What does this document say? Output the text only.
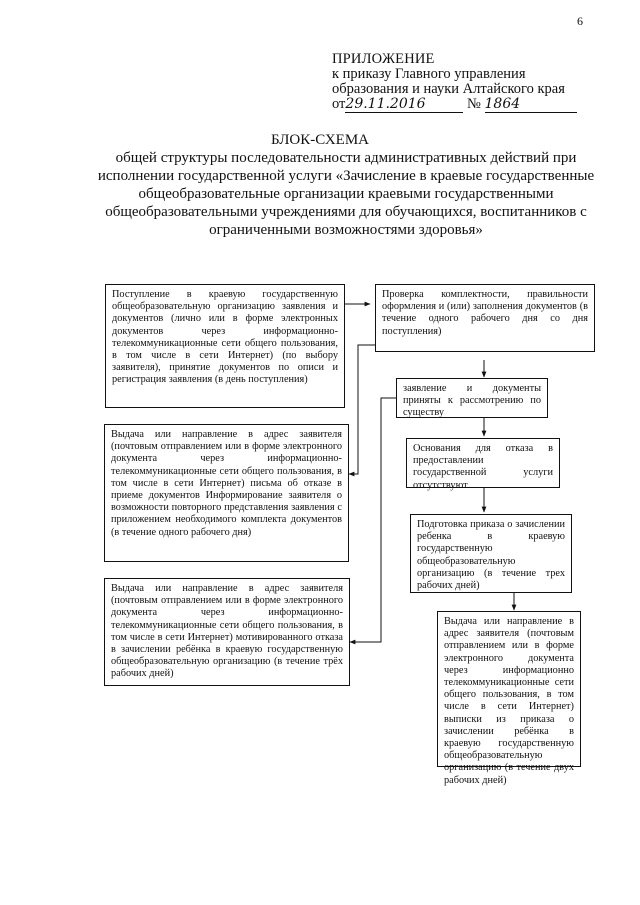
6
ПРИЛОЖЕНИЕ
к приказу Главного управления
образования и науки Алтайского края
от29.11.2016	№ 1864
БЛОК-СХЕМА
общей структуры последовательности административных действий при исполнении государственной услуги «Зачисление в краевые государственные общеобразовательные организации краевыми государственными общеобразовательными учреждениями для обучающихся, воспитанников с ограниченными возможностями здоровья»
Поступление в краевую государственную общеобразовательную организацию заявления и документов (лично или в форме электронных документов через информационно-телекоммуникационные сети общего пользования, в том числе в сети Интернет) (по выбору заявителя), принятие документов по описи и регистрация заявления (в день поступления)
Проверка комплектности, правильности оформления и (или) заполнения документов (в течение одного рабочего дня со дня поступления)
заявление и документы приняты к рассмотрению по существу
Выдача или направление в адрес заявителя (почтовым отправлением или в форме электронного документа через информационно-телекоммуникационные сети общего пользования, в том числе в сети Интернет) письма об отказе в приеме документов Информирование заявителя о возможности повторного представления заявления с приложением необходимого комплекта документов (в течение одного рабочего дня)
Основания для отказа в предоставлении государственной услуги отсутствуют
Подготовка приказа о зачислении ребенка в краевую государственную общеобразовательную организацию (в течение трех рабочих дней)
Выдача или направление в адрес заявителя (почтовым отправлением или в форме электронного документа через информационно-телекоммуникационные сети общего пользования, в том числе в сети Интернет) мотивированного отказа в зачислении ребёнка в краевую государственную общеобразовательную организацию (в течение трёх рабочих дней)
Выдача или направление в адрес заявителя (почтовым отправлением или в форме электронного документа через информационно телекоммуникационные сети общего пользования, в том числе в сети Интернет) выписки из приказа о зачислении ребёнка в краевую государственную общеобразовательную организацию (в течение двух рабочих дней)
